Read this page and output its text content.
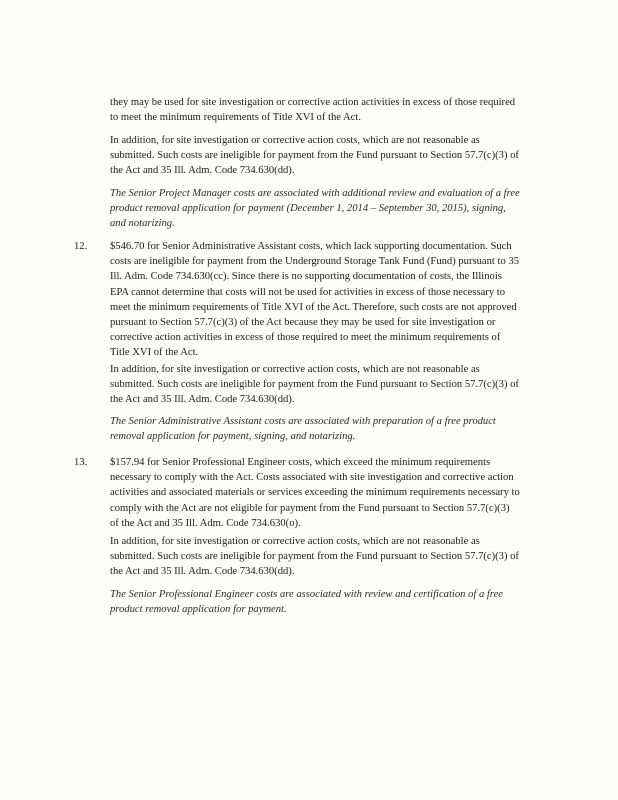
they may be used for site investigation or corrective action activities in excess of those required to meet the minimum requirements of Title XVI of the Act.

In addition, for site investigation or corrective action costs, which are not reasonable as submitted. Such costs are ineligible for payment from the Fund pursuant to Section 57.7(c)(3) of the Act and 35 Ill. Adm. Code 734.630(dd).

The Senior Project Manager costs are associated with additional review and evaluation of a free product removal application for payment (December 1, 2014 – September 30, 2015), signing, and notarizing.

12.	$546.70 for Senior Administrative Assistant costs, which lack supporting documentation. Such costs are ineligible for payment from the Underground Storage Tank Fund (Fund) pursuant to 35 Ill. Adm. Code 734.630(cc). Since there is no supporting documentation of costs, the Illinois EPA cannot determine that costs will not be used for activities in excess of those necessary to meet the minimum requirements of Title XVI of the Act. Therefore, such costs are not approved pursuant to Section 57.7(c)(3) of the Act because they may be used for site investigation or corrective action activities in excess of those required to meet the minimum requirements of Title XVI of the Act.

In addition, for site investigation or corrective action costs, which are not reasonable as submitted. Such costs are ineligible for payment from the Fund pursuant to Section 57.7(c)(3) of the Act and 35 Ill. Adm. Code 734.630(dd).

The Senior Administrative Assistant costs are associated with preparation of a free product removal application for payment, signing, and notarizing.

13.	$157.94 for Senior Professional Engineer costs, which exceed the minimum requirements necessary to comply with the Act. Costs associated with site investigation and corrective action activities and associated materials or services exceeding the minimum requirements necessary to comply with the Act are not eligible for payment from the Fund pursuant to Section 57.7(c)(3) of the Act and 35 Ill. Adm. Code 734.630(o).

In addition, for site investigation or corrective action costs, which are not reasonable as submitted. Such costs are ineligible for payment from the Fund pursuant to Section 57.7(c)(3) of the Act and 35 Ill. Adm. Code 734.630(dd).

The Senior Professional Engineer costs are associated with review and certification of a free product removal application for payment.
